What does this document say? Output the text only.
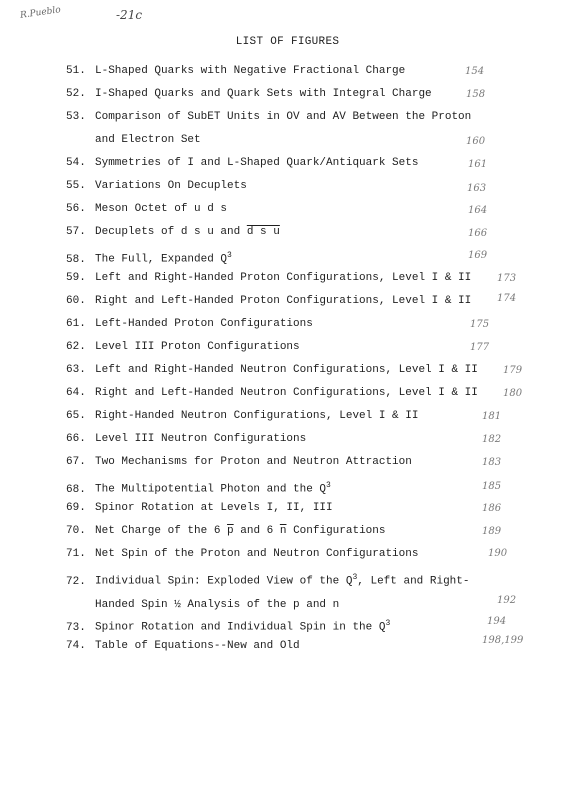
R.Pueblo	-21c
LIST OF FIGURES
51. L-Shaped Quarks with Negative Fractional Charge	154
52. I-Shaped Quarks and Quark Sets with Integral Charge	158
53. Comparison of SubET Units in OV and AV Between the Proton
and Electron Set	160
54. Symmetries of I and L-Shaped Quark/Antiquark Sets	161
55. Variations On Decuplets	163
56. Meson Octet of u d s	164
57. Decuplets of d s u and d s u	166
58. The Full, Expanded $Q^3$	169
59. Left and Right-Handed Proton Configurations, Level I & II	173
60. Right and Left-Handed Proton Configurations, Level I & II	174
61. Left-Handed Proton Configurations	175
62. Level III Proton Configurations	177
63. Left and Right-Handed Neutron Configurations, Level I & II	179
64. Right and Left-Handed Neutron Configurations, Level I & II	180
65. Right-Handed Neutron Configurations, Level I & II	181
66. Level III Neutron Configurations	182
67. Two Mechanisms for Proton and Neutron Attraction	183
68. The Multipotential Photon and the $Q^3$	185
69. Spinor Rotation at Levels I, II, III	186
70. Net Charge of the 6 $\overline{p}$ and 6 $\overline{n}$ Configurations	189
71. Net Spin of the Proton and Neutron Configurations	190
72. Individual Spin: Exploded View of the $Q^3$, Left and Right-
Handed Spin ½ Analysis of the p and n	192
73. Spinor Rotation and Individual Spin in the $Q^3$	194
74. Table of Equations--New and Old	198,199
